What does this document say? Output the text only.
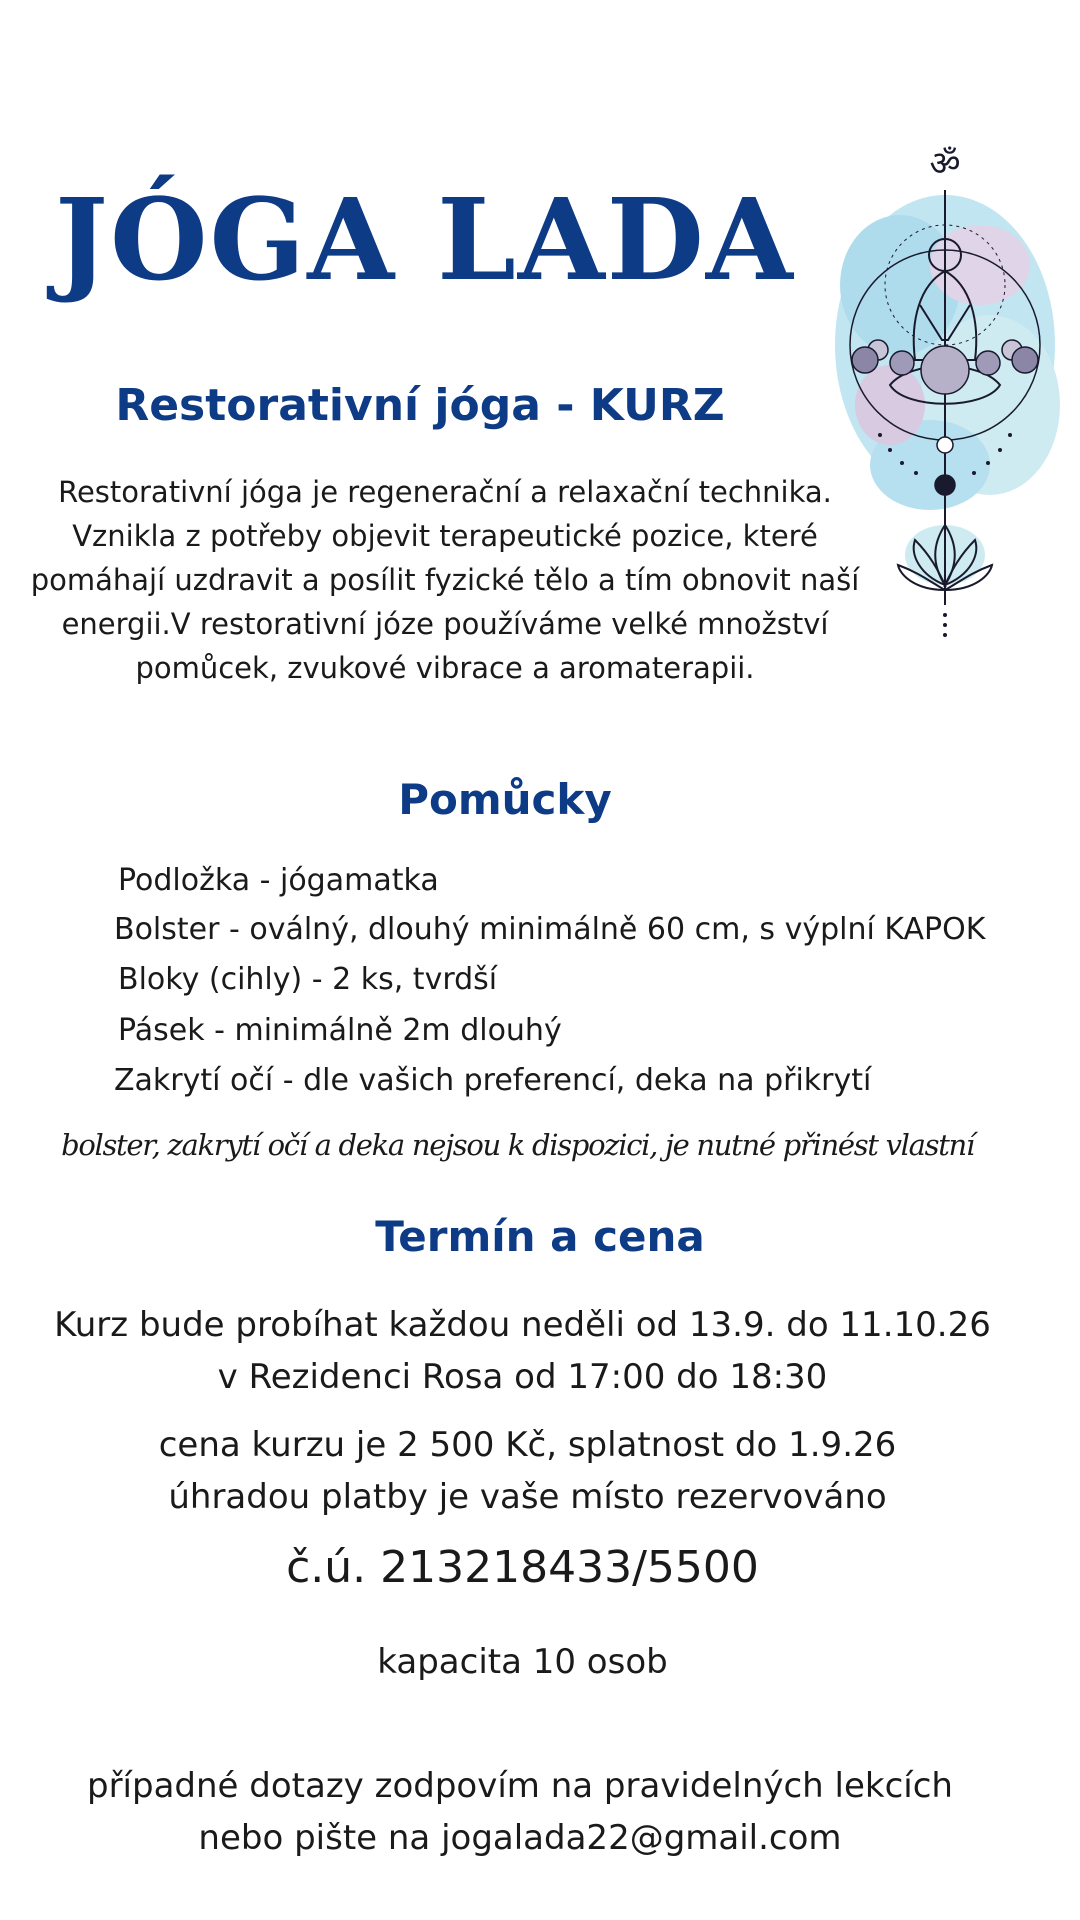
JÓGA LADA
Restorativní jóga - KURZ
Restorativní jóga je regenerační a relaxační technika.
Vznikla z potřeby objevit terapeutické pozice, které
pomáhají uzdravit a posílit fyzické tělo a tím obnovit naší
energii.V restorativní józe používáme velké množství
pomůcek, zvukové vibrace a aromaterapii.
ॐ
Pomůcky
Podložka - jógamatka
Bolster - oválný, dlouhý minimálně 60 cm, s výplní KAPOK
Bloky (cihly) - 2 ks, tvrdší
Pásek - minimálně 2m dlouhý
Zakrytí očí - dle vašich preferencí, deka na přikrytí
bolster, zakrytí očí a deka nejsou k dispozici, je nutné přinést vlastní
Termín a cena
Kurz bude probíhat každou neděli od 13.9. do 11.10.26
v Rezidenci Rosa od 17:00 do 18:30
cena kurzu je 2 500 Kč, splatnost do 1.9.26
úhradou platby je vaše místo rezervováno
č.ú. 213218433/5500
kapacita 10 osob
případné dotazy zodpovím na pravidelných lekcích
nebo pište na jogalada22@gmail.com
